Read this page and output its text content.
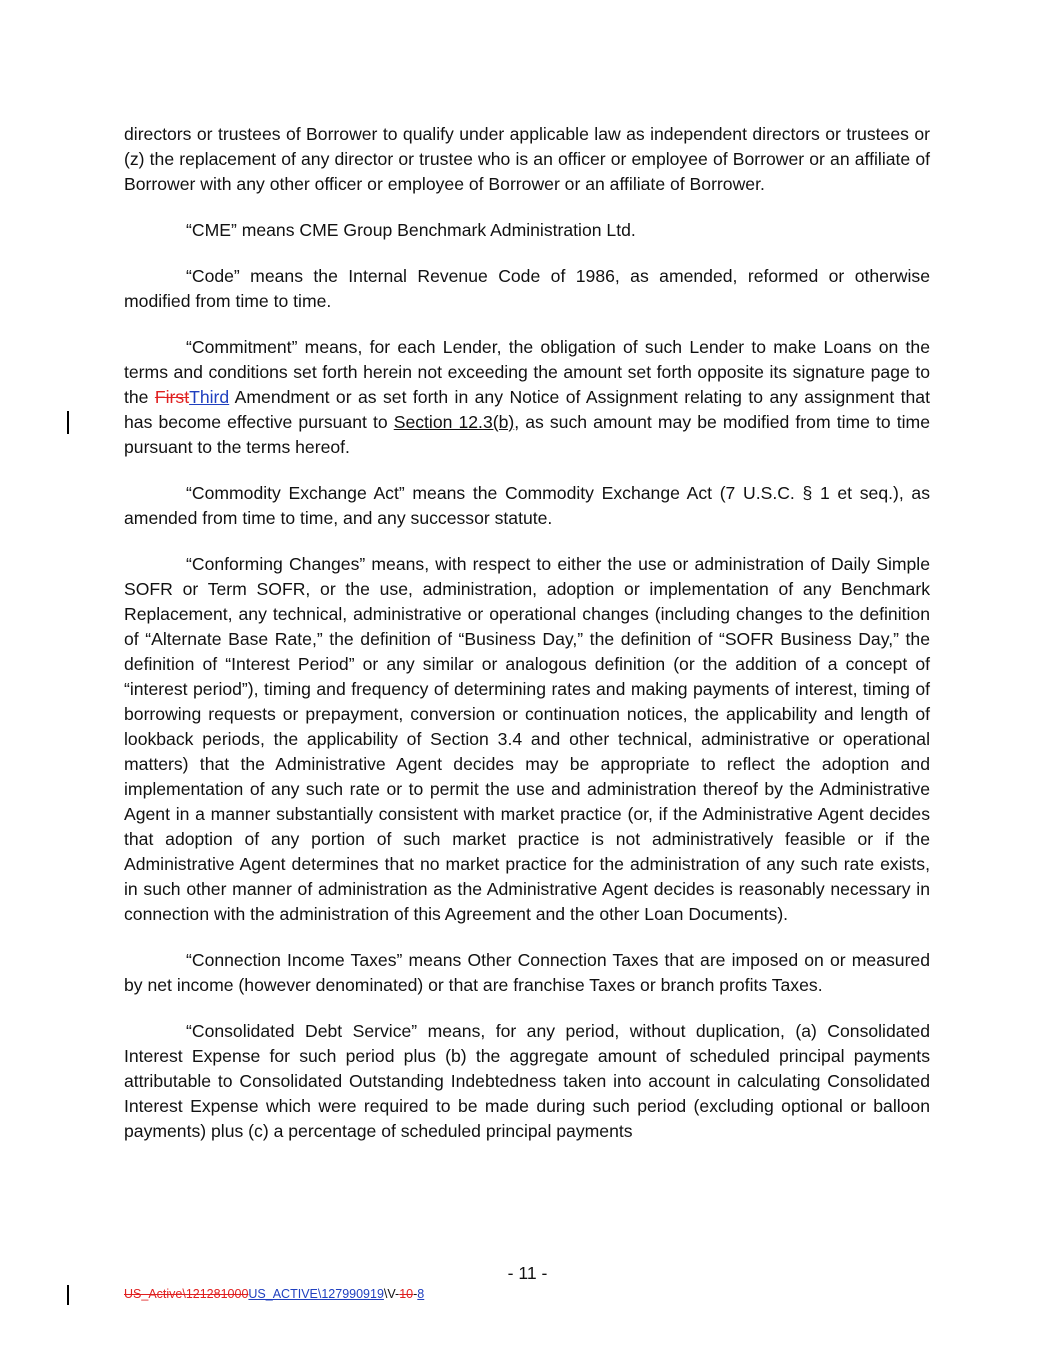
directors or trustees of Borrower to qualify under applicable law as independent directors or trustees or (z) the replacement of any director or trustee who is an officer or employee of Borrower or an affiliate of Borrower with any other officer or employee of Borrower or an affiliate of Borrower.

“CME” means CME Group Benchmark Administration Ltd.

“Code” means the Internal Revenue Code of 1986, as amended, reformed or otherwise modified from time to time.

“Commitment” means, for each Lender, the obligation of such Lender to make Loans on the terms and conditions set forth herein not exceeding the amount set forth opposite its signature page to the FirstThird Amendment or as set forth in any Notice of Assignment relating to any assignment that has become effective pursuant to Section 12.3(b), as such amount may be modified from time to time pursuant to the terms hereof.

“Commodity Exchange Act” means the Commodity Exchange Act (7 U.S.C. § 1 et seq.), as amended from time to time, and any successor statute.

“Conforming Changes” means, with respect to either the use or administration of Daily Simple SOFR or Term SOFR, or the use, administration, adoption or implementation of any Benchmark Replacement, any technical, administrative or operational changes (including changes to the definition of “Alternate Base Rate,” the definition of “Business Day,” the definition of “SOFR Business Day,” the definition of “Interest Period” or any similar or analogous definition (or the addition of a concept of “interest period”), timing and frequency of determining rates and making payments of interest, timing of borrowing requests or prepayment, conversion or continuation notices, the applicability and length of lookback periods, the applicability of Section 3.4 and other technical, administrative or operational matters) that the Administrative Agent decides may be appropriate to reflect the adoption and implementation of any such rate or to permit the use and administration thereof by the Administrative Agent in a manner substantially consistent with market practice (or, if the Administrative Agent decides that adoption of any portion of such market practice is not administratively feasible or if the Administrative Agent determines that no market practice for the administration of any such rate exists, in such other manner of administration as the Administrative Agent decides is reasonably necessary in connection with the administration of this Agreement and the other Loan Documents).

“Connection Income Taxes” means Other Connection Taxes that are imposed on or measured by net income (however denominated) or that are franchise Taxes or branch profits Taxes.

“Consolidated Debt Service” means, for any period, without duplication, (a) Consolidated Interest Expense for such period plus (b) the aggregate amount of scheduled principal payments attributable to Consolidated Outstanding Indebtedness taken into account in calculating Consolidated Interest Expense which were required to be made during such period (excluding optional or balloon payments) plus (c) a percentage of scheduled principal payments

- 11 -
US_Active\121281000US_ACTIVE\127990919\V-10-8
